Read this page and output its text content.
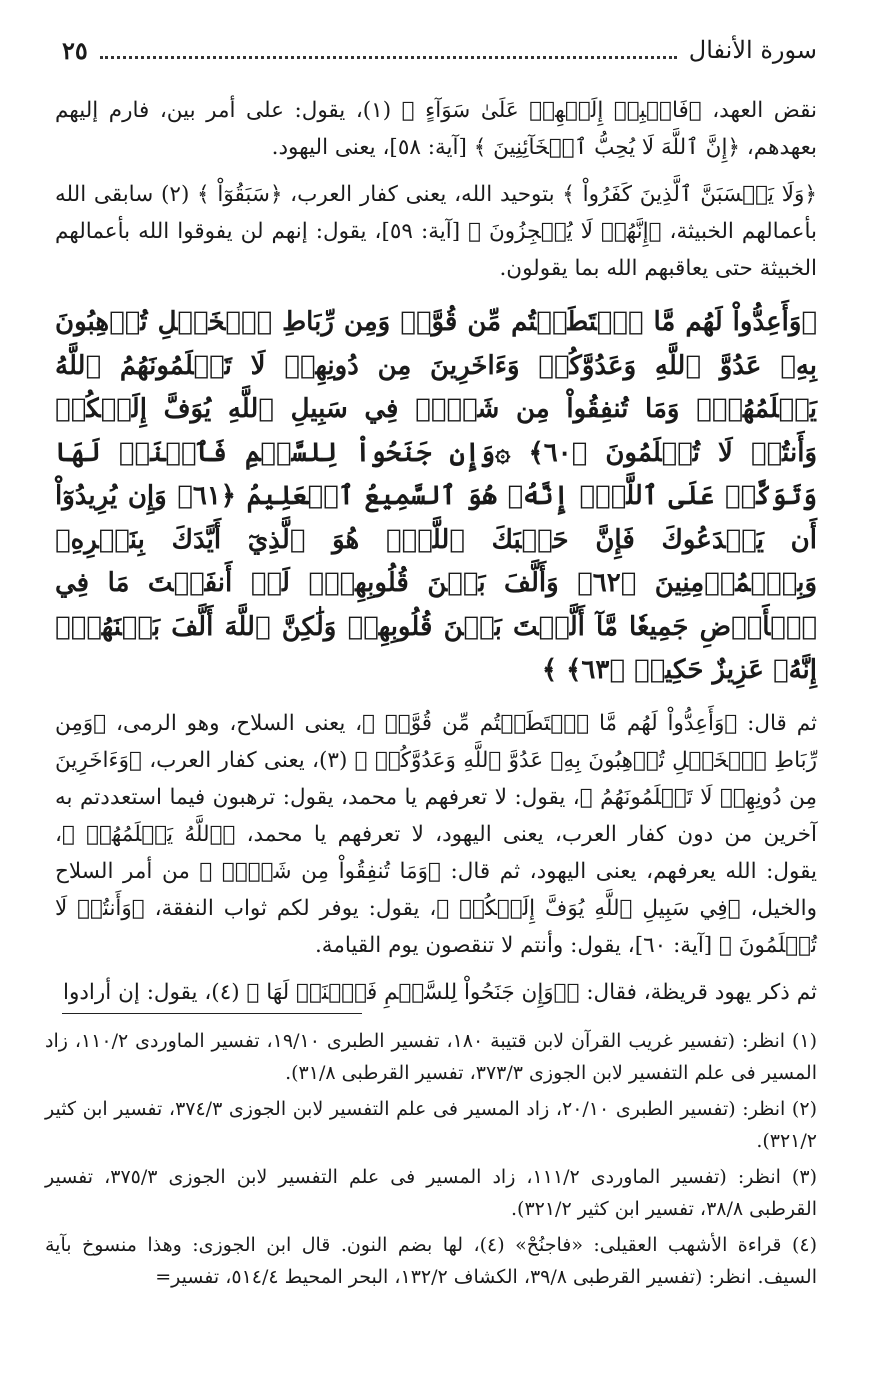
سورة الأنفال
٢٥

نقض العهد، ﴿فَانۢبِذۡ إِلَيۡهِمۡ عَلَىٰ سَوَآءٍ ﴾ (١)، يقول: على أمر بين، فارم إليهم بعهدهم، ﴿إِنَّ ٱللَّهَ لَا يُحِبُّ ٱلۡخَآئِنِينَ ﴾ [آية: ٥٨]، يعنى اليهود.

﴿وَلَا يَحۡسَبَنَّ ٱلَّذِينَ كَفَرُواْ ﴾ بتوحيد الله، يعنى كفار العرب، ﴿سَبَقُوٓاْ ﴾ (٢) سابقى الله بأعمالهم الخبيثة، ﴿إِنَّهُمۡ لَا يُعۡجِزُونَ ﴾ [آية: ٥٩]، يقول: إنهم لن يفوقوا الله بأعمالهم الخبيثة حتى يعاقبهم الله بما يقولون.

﴿وَأَعِدُّواْ لَهُم مَّا ٱسۡتَطَعۡتُم مِّن قُوَّةٖ وَمِن رِّبَاطِ ٱلۡخَيۡلِ تُرۡهِبُونَ بِهِۦ عَدُوَّ ٱللَّهِ وَعَدُوَّكُمۡ وَءَاخَرِينَ مِن دُونِهِمۡ لَا تَعۡلَمُونَهُمُ ٱللَّهُ يَعۡلَمُهُمۡۚ وَمَا تُنفِقُواْ مِن شَيۡءٖ فِي سَبِيلِ ٱللَّهِ يُوَفَّ إِلَيۡكُمۡ وَأَنتُمۡ لَا تُظۡلَمُونَ ﴿٦٠﴾ ۞وَإِن جَنَحُواْ لِلسَّلۡمِ فَٱجۡنَحۡ لَهَا وَتَوَكَّلۡ عَلَى ٱللَّهِۚ إِنَّهُۥ هُوَ ٱلسَّمِيعُ ٱلۡعَلِيمُ ﴿٦١﴾ وَإِن يُرِيدُوٓاْ أَن يَخۡدَعُوكَ فَإِنَّ حَسۡبَكَ ٱللَّهُۚ هُوَ ٱلَّذِيٓ أَيَّدَكَ بِنَصۡرِهِۦ وَبِٱلۡمُؤۡمِنِينَ ﴿٦٢﴾ وَأَلَّفَ بَيۡنَ قُلُوبِهِمۡۚ لَوۡ أَنفَقۡتَ مَا فِي ٱلۡأَرۡضِ جَمِيعٗا مَّآ أَلَّفۡتَ بَيۡنَ قُلُوبِهِمۡ وَلَٰكِنَّ ٱللَّهَ أَلَّفَ بَيۡنَهُمۡۚ إِنَّهُۥ عَزِيزٌ حَكِيمٞ ﴿٦٣﴾ ﴾

ثم قال: ﴿وَأَعِدُّواْ لَهُم مَّا ٱسۡتَطَعۡتُم مِّن قُوَّةٖ ﴾، يعنى السلاح، وهو الرمى، ﴿وَمِن رِّبَاطِ ٱلۡخَيۡلِ تُرۡهِبُونَ بِهِۦ عَدُوَّ ٱللَّهِ وَعَدُوَّكُمۡ ﴾ (٣)، يعنى كفار العرب، ﴿وَءَاخَرِينَ مِن دُونِهِمۡ لَا تَعۡلَمُونَهُمُ ﴾، يقول: لا تعرفهم يا محمد، يقول: ترهبون فيما استعددتم به آخرين من دون كفار العرب، يعنى اليهود، لا تعرفهم يا محمد، ﴿ٱللَّهُ يَعۡلَمُهُمۡ ﴾، يقول: الله يعرفهم، يعنى اليهود، ثم قال: ﴿وَمَا تُنفِقُواْ مِن شَيۡءٖ ﴾ من أمر السلاح والخيل، ﴿فِي سَبِيلِ ٱللَّهِ يُوَفَّ إِلَيۡكُمۡ ﴾، يقول: يوفر لكم ثواب النفقة، ﴿وَأَنتُمۡ لَا تُظۡلَمُونَ ﴾ [آية: ٦٠]، يقول: وأنتم لا تنقصون يوم القيامة.

ثم ذكر يهود قريظة، فقال: ﴿۞وَإِن جَنَحُواْ لِلسَّلۡمِ فَٱجۡنَحۡ لَهَا ﴾ (٤)، يقول: إن أرادوا

(١) انظر: (تفسير غريب القرآن لابن قتيبة ١٨٠، تفسير الطبرى ١٩/١٠، تفسير الماوردى ١١٠/٢، زاد المسير فى علم التفسير لابن الجوزى ٣٧٣/٣، تفسير القرطبى ٣١/٨).

(٢) انظر: (تفسير الطبرى ٢٠/١٠، زاد المسير فى علم التفسير لابن الجوزى ٣٧٤/٣، تفسير ابن كثير ٣٢١/٢).

(٣) انظر: (تفسير الماوردى ١١١/٢، زاد المسير فى علم التفسير لابن الجوزى ٣٧٥/٣، تفسير القرطبى ٣٨/٨، تفسير ابن كثير ٣٢١/٢).

(٤) قراءة الأشهب العقيلى: «فاجنُحْ» (٤)، لها بضم النون. قال ابن الجوزى: وهذا منسوخ بآية السيف. انظر: (تفسير القرطبى ٣٩/٨، الكشاف ١٣٢/٢، البحر المحيط ٥١٤/٤، تفسير=
